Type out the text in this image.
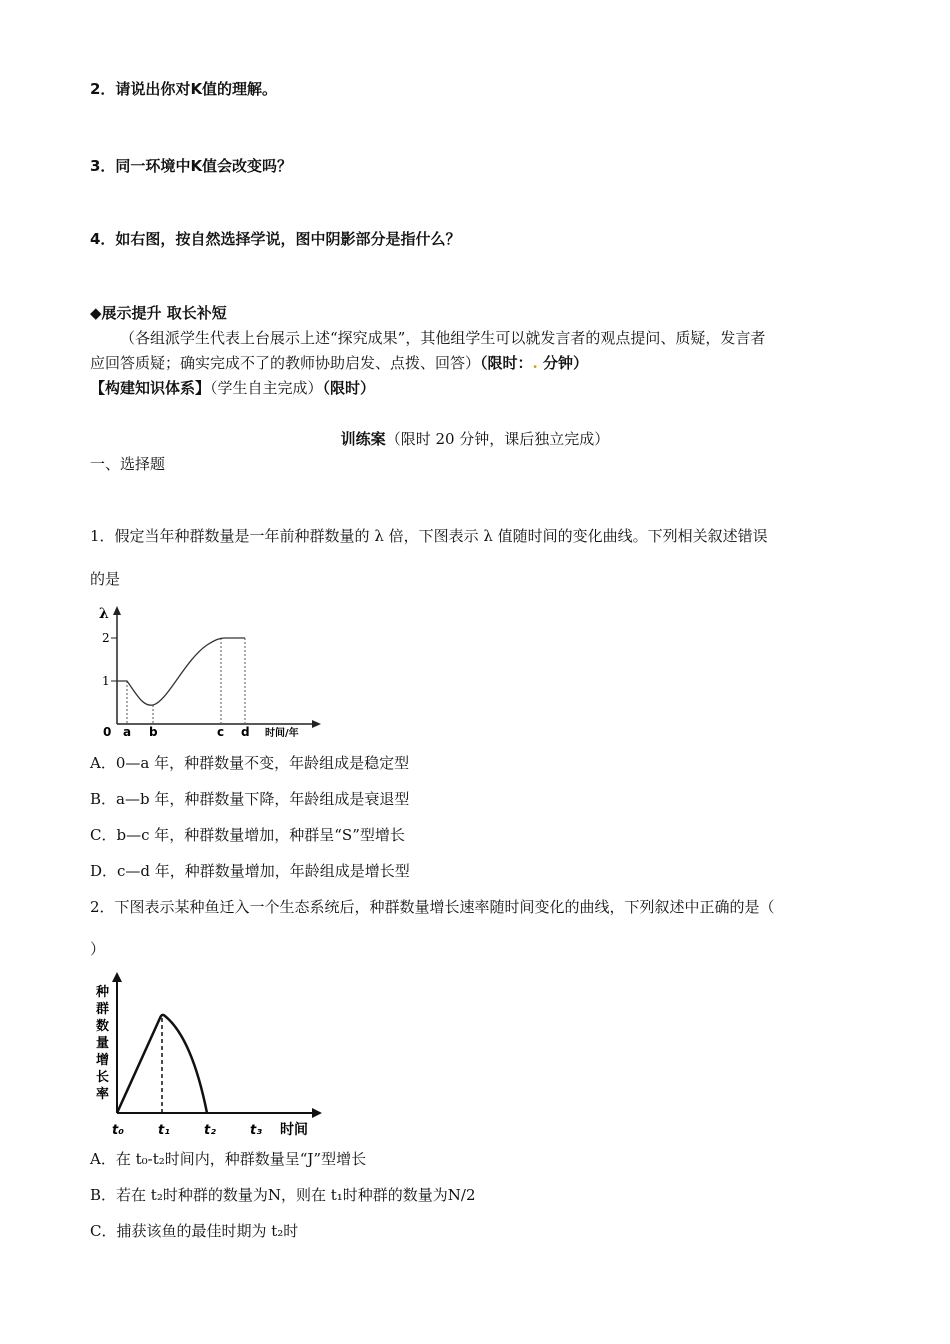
2．请说出你对K值的理解。
3．同一环境中K值会改变吗？
4．如右图，按自然选择学说，图中阴影部分是指什么？
◆展示提升 取长补短
（各组派学生代表上台展示上述“探究成果”，其他组学生可以就发言者的观点提问、质疑，发言者
应回答质疑；确实完成不了的教师协助启发、点拨、回答）（限时：. 分钟）
【构建知识体系】（学生自主完成）（限时）
训练案（限时 20 分钟，课后独立完成）
一、选择题
1．假定当年种群数量是一年前种群数量的 λ 倍，下图表示 λ 值随时间的变化曲线。下列相关叙述错误
的是
λ
2
1
0 a b	c d 时间/年
A．0—a 年，种群数量不变，年龄组成是稳定型
B．a—b 年，种群数量下降，年龄组成是衰退型
C．b—c 年，种群数量增加，种群呈“S”型增长
D．c—d 年，种群数量增加，年龄组成是增长型
2．下图表示某种鱼迁入一个生态系统后，种群数量增长速率随时间变化的曲线，下列叙述中正确的是（
）
种
群
数
量
增
长
率
t₀	t₁	t₂	t₃ 时间
A．在 t₀-t₂时间内，种群数量呈“J”型增长
B．若在 t₂时种群的数量为N，则在 t₁时种群的数量为N/2
C．捕获该鱼的最佳时期为 t₂时
